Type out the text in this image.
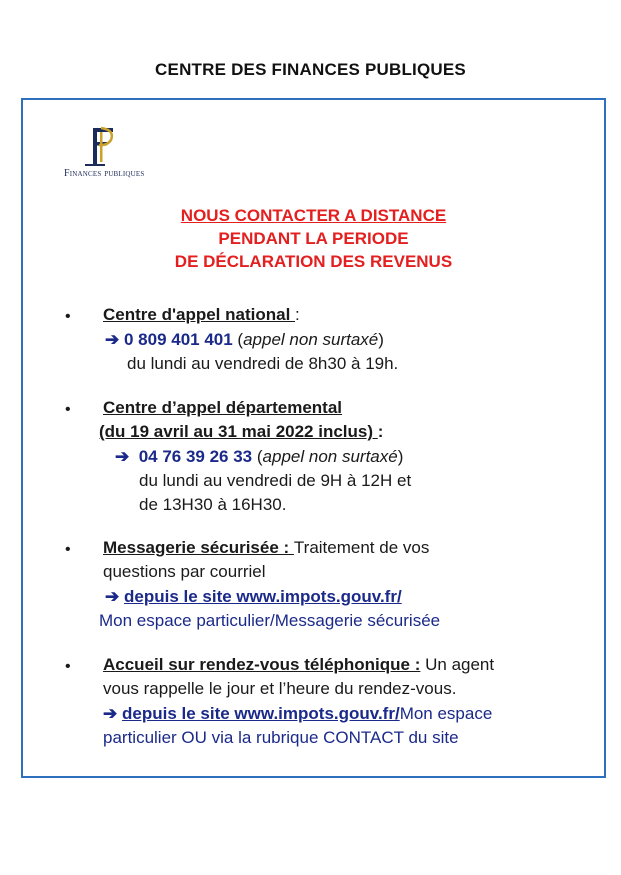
CENTRE DES FINANCES PUBLIQUES
Finances publiques
NOUS CONTACTER A DISTANCE
PENDANT LA PERIODE
DE DÉCLARATION DES REVENUS
• Centre d'appel national :
➔ 0 809 401 401 (appel non surtaxé)
du lundi au vendredi de 8h30 à 19h.
• Centre d’appel départemental
(du 19 avril au 31 mai 2022 inclus) :
➔ 04 76 39 26 33 (appel non surtaxé)
du lundi au vendredi de 9H à 12H et
de 13H30 à 16H30.
• Messagerie sécurisée : Traitement de vos
questions par courriel
➔ depuis le site www.impots.gouv.fr/
Mon espace particulier/Messagerie sécurisée
• Accueil sur rendez-vous téléphonique : Un agent
vous rappelle le jour et l’heure du rendez-vous.
➔ depuis le site www.impots.gouv.fr/Mon espace
particulier OU via la rubrique CONTACT du site
